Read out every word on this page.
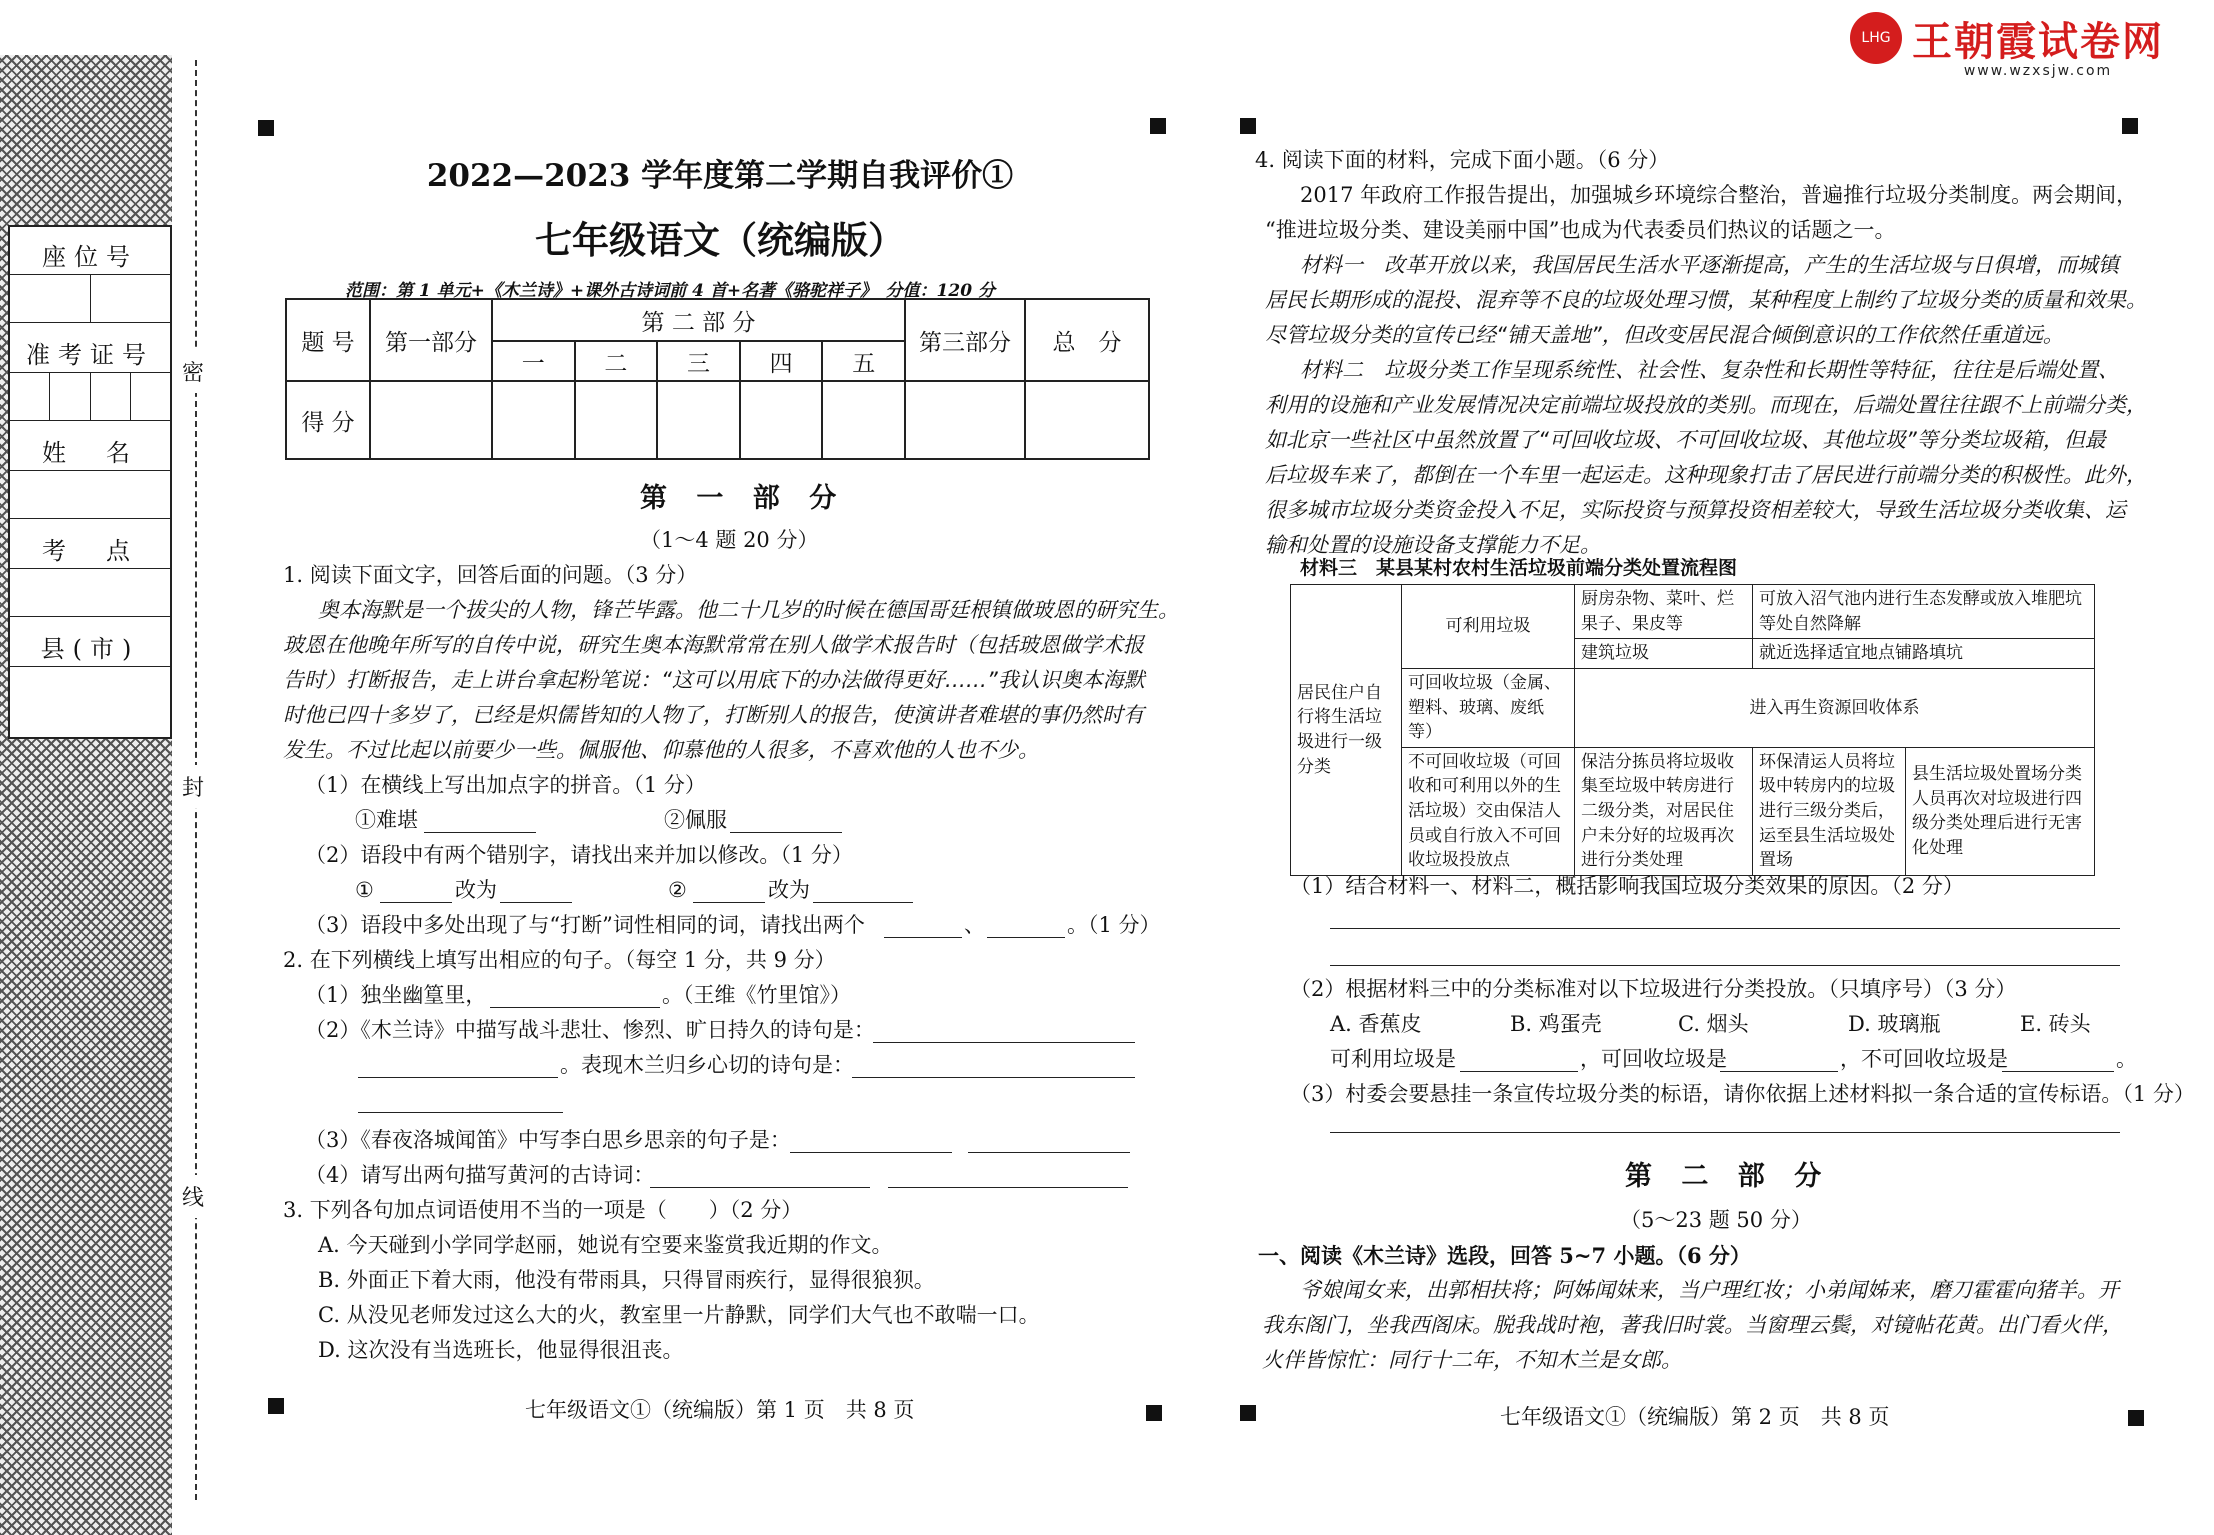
座位号
准考证号
姓　名
考　点
县(市)
密
封
线
LHG 王朝霞试卷网
www.wzxsjw.com
2022—2023 学年度第二学期自我评价①
七年级语文（统编版）
范围：第 1 单元+《木兰诗》+课外古诗词前 4 首+名著《骆驼祥子》　分值：120 分
题 号	第一部分	第 二 部 分					第三部分	总　分
		一	二	三	四	五		
得 分								
第 一 部 分
（1～4 题 20 分）
1. 阅读下面文字，回答后面的问题。（3 分）
奥本海默是一个拔尖的人物，锋芒毕露。他二十几岁的时候在德国哥廷根镇做玻恩的研究生。
玻恩在他晚年所写的自传中说，研究生奥本海默常常在别人做学术报告时（包括玻恩做学术报
告时）打断报告，走上讲台拿起粉笔说：“这可以用底下的办法做得更好……”我认识奥本海默
时他已四十多岁了，已经是炽儒皆知的人物了，打断别人的报告，使演讲者难堪的事仍然时有
发生。不过比起以前要少一些。佩服他、仰慕他的人很多，不喜欢他的人也不少。
（1）在横线上写出加点字的拼音。（1 分）
①难堪	②佩服
（2）语段中有两个错别字，请找出来并加以修改。（1 分）
①	改为	②	改为
（3）语段中多处出现了与“打断”词性相同的词，请找出两个	、	。（1 分）
2. 在下列横线上填写出相应的句子。（每空 1 分，共 9 分）
（1）独坐幽篁里，	。（王维《竹里馆》）
（2）《木兰诗》中描写战斗悲壮、惨烈、旷日持久的诗句是：
。表现木兰归乡心切的诗句是：
（3）《春夜洛城闻笛》中写李白思乡思亲的句子是：
（4）请写出两句描写黄河的古诗词：
3. 下列各句加点词语使用不当的一项是（　　）（2 分）
A. 今天碰到小学同学赵丽，她说有空要来鉴赏我近期的作文。
B. 外面正下着大雨，他没有带雨具，只得冒雨疾行，显得很狼狈。
C. 从没见老师发过这么大的火，教室里一片静默，同学们大气也不敢喘一口。
D. 这次没有当选班长，他显得很沮丧。
七年级语文①（统编版）第 1 页　共 8 页
4. 阅读下面的材料，完成下面小题。（6 分）
2017 年政府工作报告提出，加强城乡环境综合整治，普遍推行垃圾分类制度。两会期间，
“推进垃圾分类、建设美丽中国”也成为代表委员们热议的话题之一。
材料一　改革开放以来，我国居民生活水平逐渐提高，产生的生活垃圾与日俱增，而城镇
居民长期形成的混投、混弃等不良的垃圾处理习惯，某种程度上制约了垃圾分类的质量和效果。
尽管垃圾分类的宣传已经“铺天盖地”，但改变居民混合倾倒意识的工作依然任重道远。
材料二　垃圾分类工作呈现系统性、社会性、复杂性和长期性等特征，往往是后端处置、
利用的设施和产业发展情况决定前端垃圾投放的类别。而现在，后端处置往往跟不上前端分类，
如北京一些社区中虽然放置了“可回收垃圾、不可回收垃圾、其他垃圾”等分类垃圾箱，但最
后垃圾车来了，都倒在一个车里一起运走。这种现象打击了居民进行前端分类的积极性。此外，
很多城市垃圾分类资金投入不足，实际投资与预算投资相差较大，导致生活垃圾分类收集、运
输和处置的设施设备支撑能力不足。
材料三　某县某村农村生活垃圾前端分类处置流程图
居民住户自行将生活垃圾进行一级分类	可利用垃圾	厨房杂物、菜叶、烂果子、果皮等	可放入沼气池内进行生态发酵或放入堆肥坑等处自然降解	
		建筑垃圾	就近选择适宜地点铺路填坑	
	可回收垃圾（金属、塑料、玻璃、废纸等）	进入再生资源回收体系		
	不可回收垃圾（可回收和可利用以外的生活垃圾）交由保洁人员或自行放入不可回收垃圾投放点	保洁分拣员将垃圾收集至垃圾中转房进行二级分类，对居民住户未分好的垃圾再次进行分类处理	环保清运人员将垃圾中转房内的垃圾进行三级分类后，运至县生活垃圾处置场	县生活垃圾处置场分类人员再次对垃圾进行四级分类处理后进行无害化处理
（1）结合材料一、材料二，概括影响我国垃圾分类效果的原因。（2 分）
（2）根据材料三中的分类标准对以下垃圾进行分类投放。（只填序号）（3 分）
A. 香蕉皮	B. 鸡蛋壳	C. 烟头	D. 玻璃瓶	E. 砖头
可利用垃圾是	，可回收垃圾是	，不可回收垃圾是	。
（3）村委会要悬挂一条宣传垃圾分类的标语，请你依据上述材料拟一条合适的宣传标语。（1 分）
第 二 部 分
（5～23 题 50 分）
一、阅读《木兰诗》选段，回答 5~7 小题。（6 分）
爷娘闻女来，出郭相扶将；阿姊闻妹来，当户理红妆；小弟闻姊来，磨刀霍霍向猪羊。开
我东阁门，坐我西阁床。脱我战时袍，著我旧时裳。当窗理云鬓，对镜帖花黄。出门看火伴，
火伴皆惊忙：同行十二年，不知木兰是女郎。
七年级语文①（统编版）第 2 页　共 8 页
